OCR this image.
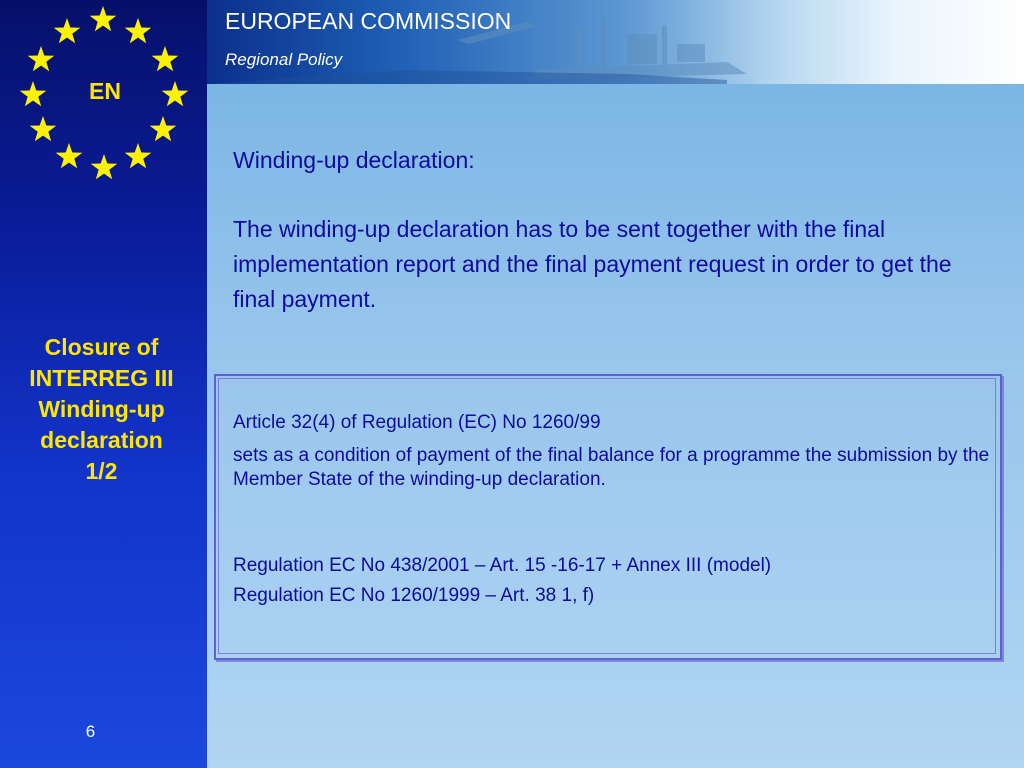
EN
Closure of
INTERREG III
Winding-up
declaration
1/2
6
EUROPEAN COMMISSION
Regional Policy
Winding-up declaration:
The winding-up declaration has to be sent together with the final implementation report and the final payment request in order to get the final payment.
Article 32(4) of Regulation (EC) No 1260/99
sets as a condition of payment of the final balance for a programme the submission by the Member State of the winding-up declaration.
Regulation EC No 438/2001 – Art. 15 -16-17 + Annex III (model)
Regulation EC No 1260/1999 – Art. 38 1, f)
